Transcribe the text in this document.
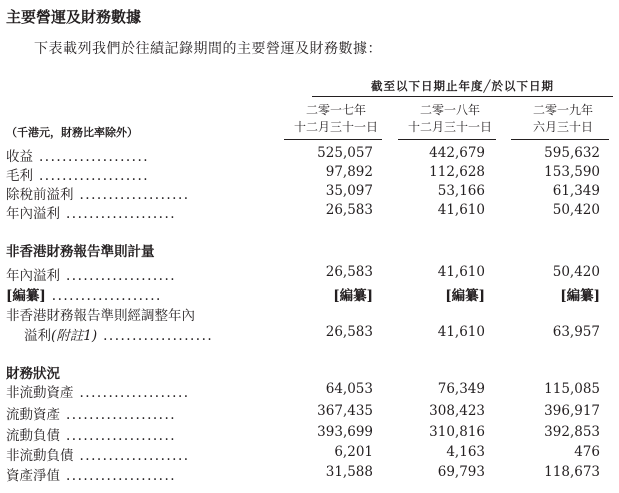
主要營運及財務數據
下表載列我們於往績記錄期間的主要營運及財務數據：
截至以下日期止年度╱於以下日期
二零一七年
十二月三十一日
二零一八年
十二月三十一日
二零一九年
六月三十日
（千港元，財務比率除外）
收益 ...................	525,057	442,679	595,632
毛利 ...................	97,892	112,628	153,590
除稅前溢利 ...................	35,097	53,166	61,349
年內溢利 ...................	26,583	41,610	50,420
非香港財務報告準則計量
年內溢利 ...................	26,583	41,610	50,420
[編纂] ...................	[編纂]	[編纂]	[編纂]
非香港財務報告準則經調整年內
溢利(附註1) ...................	26,583	41,610	63,957
財務狀況
非流動資產 ...................	64,053	76,349	115,085
流動資產 ...................	367,435	308,423	396,917
流動負債 ...................	393,699	310,816	392,853
非流動負債 ...................	6,201	4,163	476
資產淨值 ...................	31,588	69,793	118,673
